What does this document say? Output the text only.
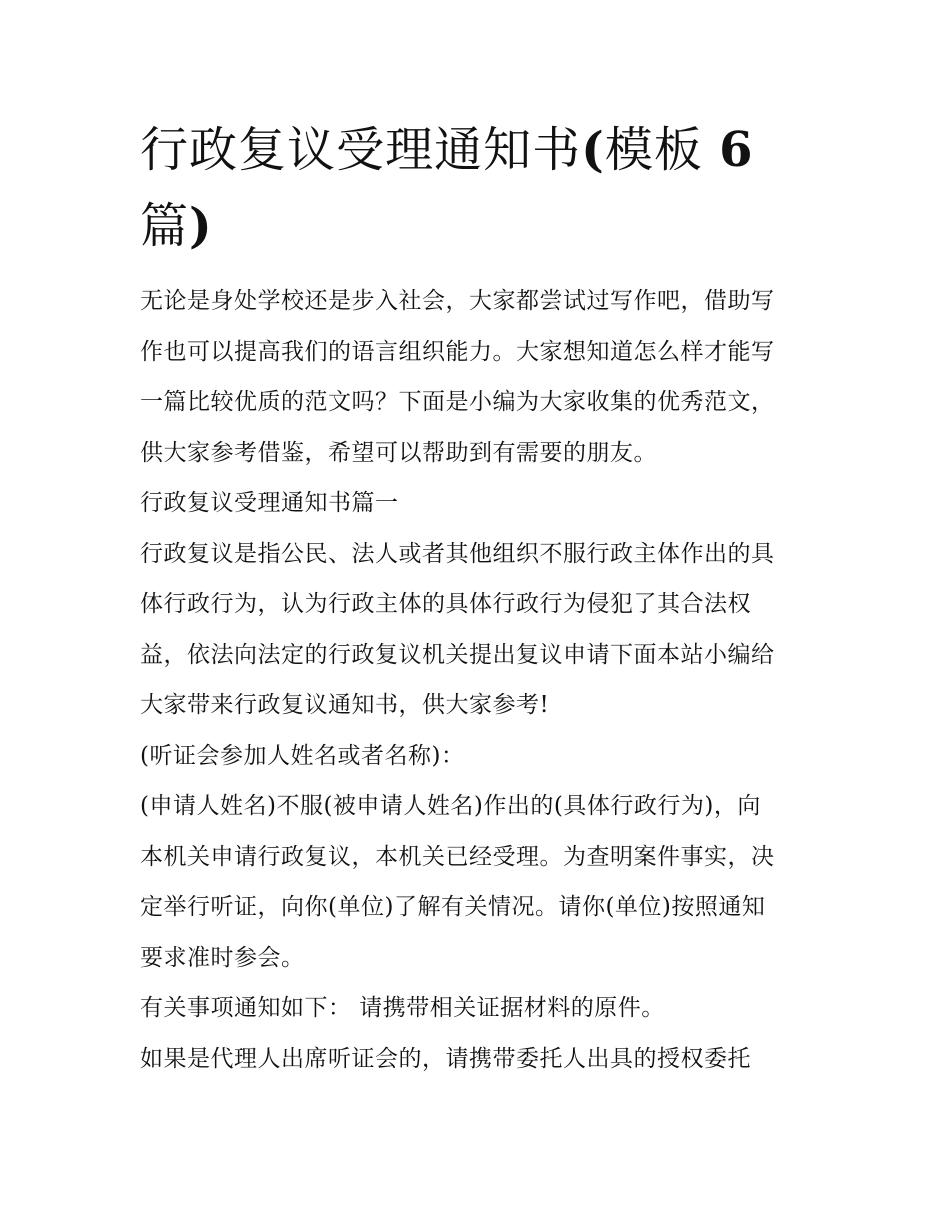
行政复议受理通知书(模板 6
篇)

无论是身处学校还是步入社会，大家都尝试过写作吧，借助写
作也可以提高我们的语言组织能力。大家想知道怎么样才能写
一篇比较优质的范文吗？下面是小编为大家收集的优秀范文，
供大家参考借鉴，希望可以帮助到有需要的朋友。

行政复议受理通知书篇一

行政复议是指公民、法人或者其他组织不服行政主体作出的具
体行政行为，认为行政主体的具体行政行为侵犯了其合法权
益，依法向法定的行政复议机关提出复议申请下面本站小编给
大家带来行政复议通知书，供大家参考!

(听证会参加人姓名或者名称)：

(申请人姓名)不服(被申请人姓名)作出的(具体行政行为)，向
本机关申请行政复议，本机关已经受理。为查明案件事实，决
定举行听证，向你(单位)了解有关情况。请你(单位)按照通知
要求准时参会。

有关事项通知如下： 请携带相关证据材料的原件。

如果是代理人出席听证会的，请携带委托人出具的授权委托
